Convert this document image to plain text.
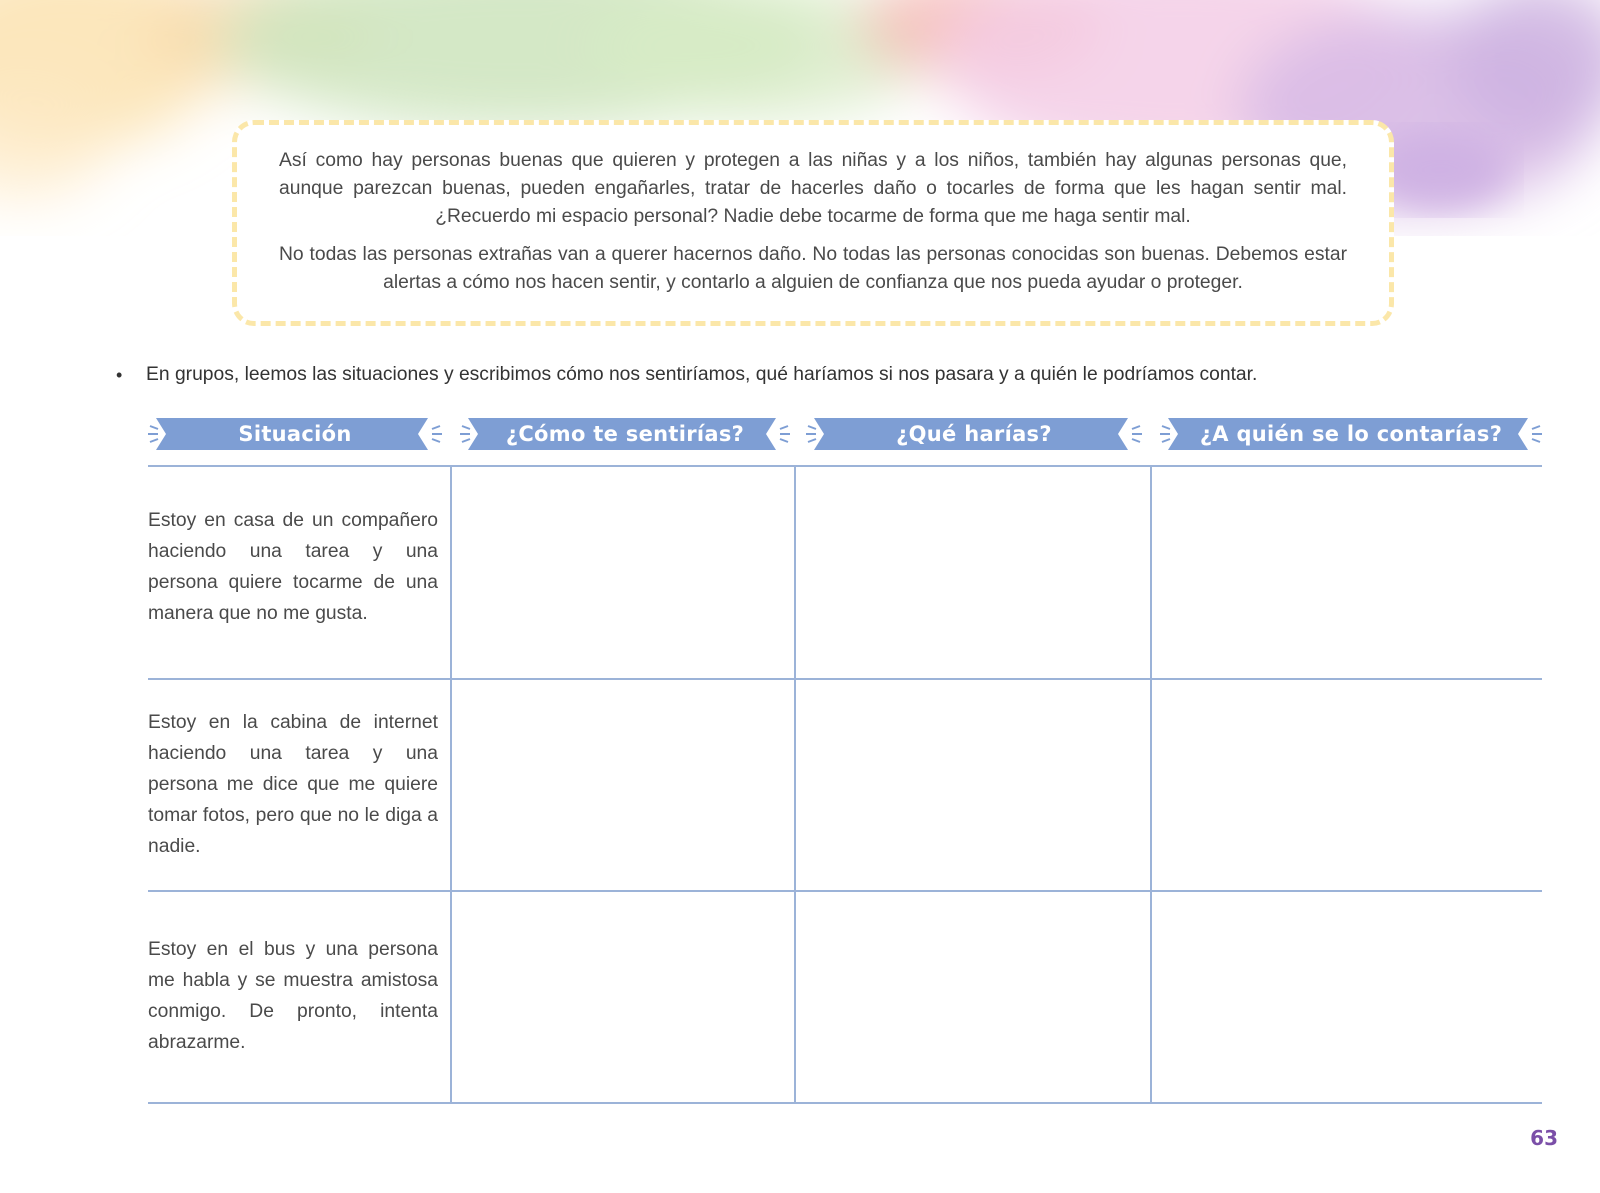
Así como hay personas buenas que quieren y protegen a las niñas y a los niños, también hay algunas personas que, aunque parezcan buenas, pueden engañarles, tratar de hacerles daño o tocarles de forma que les hagan sentir mal. ¿Recuerdo mi espacio personal? Nadie debe tocarme de forma que me haga sentir mal.

No todas las personas extrañas van a querer hacernos daño. No todas las personas conocidas son buenas. Debemos estar alertas a cómo nos hacen sentir, y contarlo a alguien de confianza que nos pueda ayudar o proteger.

•	En grupos, leemos las situaciones y escribimos cómo nos sentiríamos, qué haríamos si nos pasara y a quién le podríamos contar.
Situación	¿Cómo te sentirías?	¿Qué harías?	¿A quién se lo contarías?
Estoy en casa de un compañero haciendo una tarea y una persona quiere tocarme de una manera que no me gusta.
Estoy en la cabina de internet haciendo una tarea y una persona me dice que me quiere tomar fotos, pero que no le diga a nadie.
Estoy en el bus y una persona me habla y se muestra amistosa conmigo. De pronto, intenta abrazarme.
63
